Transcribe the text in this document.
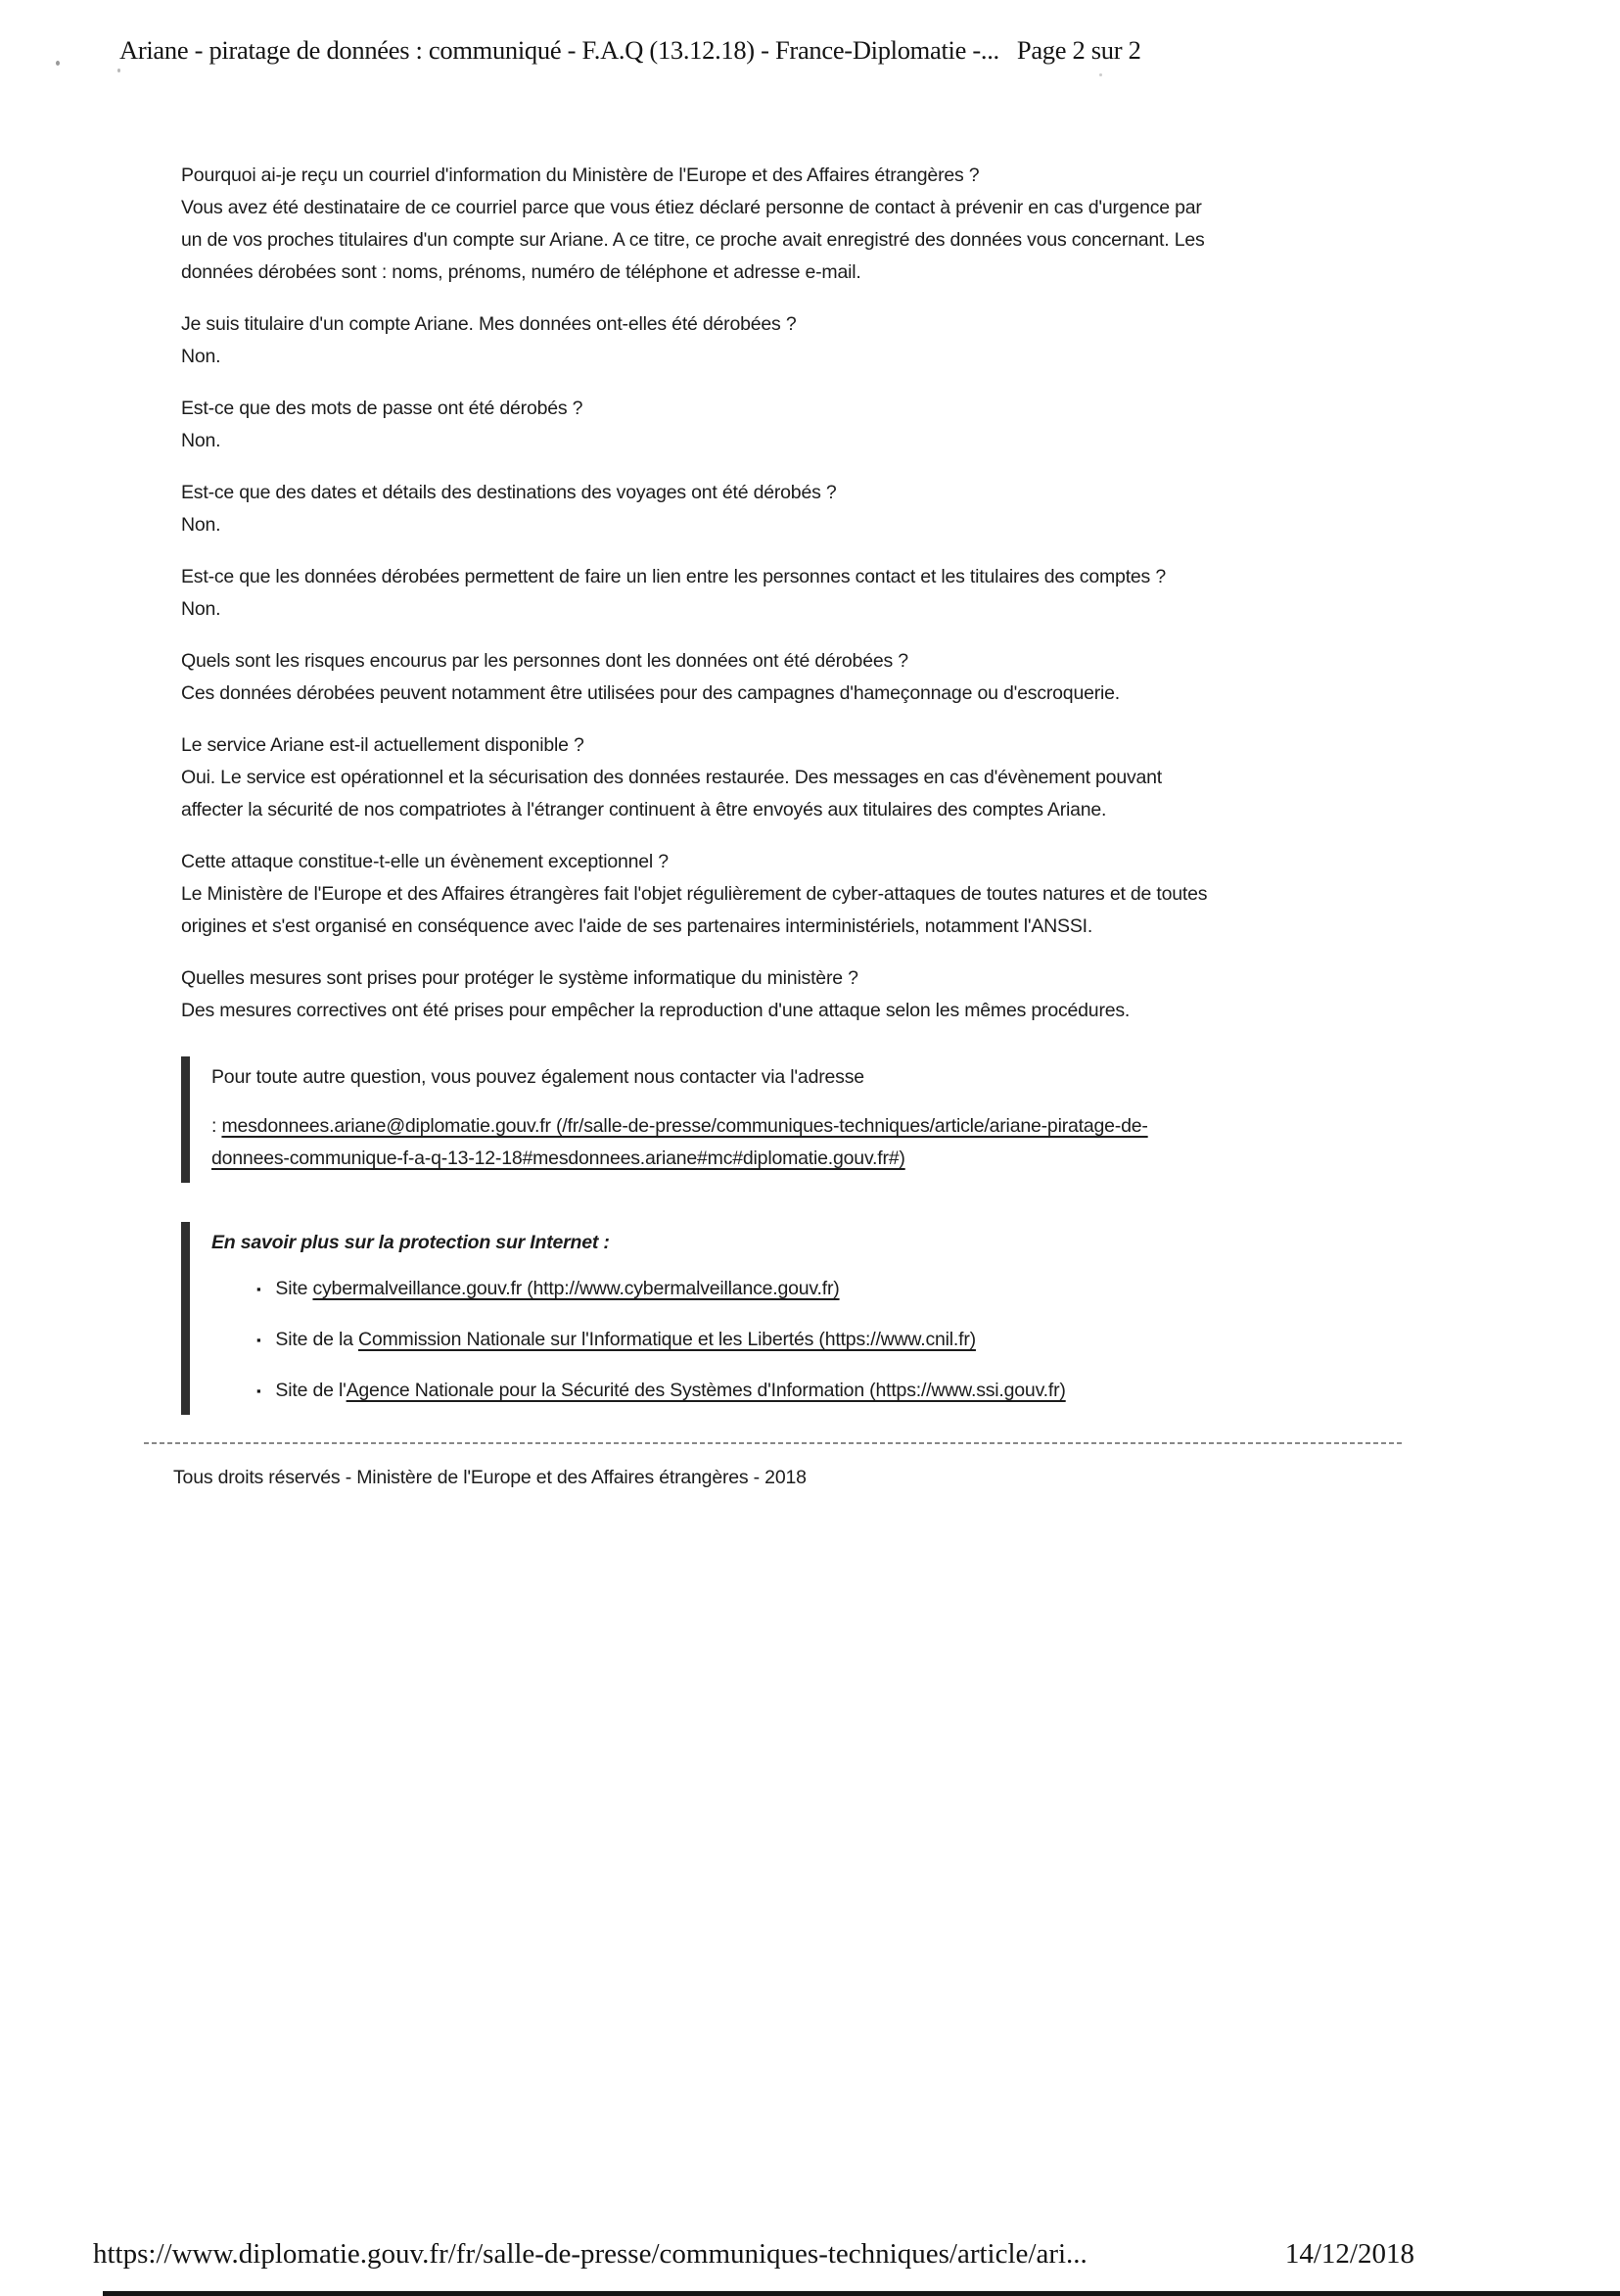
Ariane - piratage de données : communiqué - F.A.Q (13.12.18) - France-Diplomatie -... Page 2 sur 2

Pourquoi ai-je reçu un courriel d'information du Ministère de l'Europe et des Affaires étrangères ?

Vous avez été destinataire de ce courriel parce que vous étiez déclaré personne de contact à prévenir en cas d'urgence par un de vos proches titulaires d'un compte sur Ariane. A ce titre, ce proche avait enregistré des données vous concernant. Les données dérobées sont : noms, prénoms, numéro de téléphone et adresse e-mail.

Je suis titulaire d'un compte Ariane. Mes données ont-elles été dérobées ?

Non.

Est-ce que des mots de passe ont été dérobés ?

Non.

Est-ce que des dates et détails des destinations des voyages ont été dérobés ?

Non.

Est-ce que les données dérobées permettent de faire un lien entre les personnes contact et les titulaires des comptes ?

Non.

Quels sont les risques encourus par les personnes dont les données ont été dérobées ?

Ces données dérobées peuvent notamment être utilisées pour des campagnes d'hameçonnage ou d'escroquerie.

Le service Ariane est-il actuellement disponible ?

Oui. Le service est opérationnel et la sécurisation des données restaurée. Des messages en cas d'évènement pouvant affecter la sécurité de nos compatriotes à l'étranger continuent à être envoyés aux titulaires des comptes Ariane.

Cette attaque constitue-t-elle un évènement exceptionnel ?

Le Ministère de l'Europe et des Affaires étrangères fait l'objet régulièrement de cyber-attaques de toutes natures et de toutes origines et s'est organisé en conséquence avec l'aide de ses partenaires interministériels, notamment l'ANSSI.

Quelles mesures sont prises pour protéger le système informatique du ministère ?

Des mesures correctives ont été prises pour empêcher la reproduction d'une attaque selon les mêmes procédures.

Pour toute autre question, vous pouvez également nous contacter via l'adresse

: mesdonnees.ariane@diplomatie.gouv.fr (/fr/salle-de-presse/communiques-techniques/article/ariane-piratage-de-donnees-communique-f-a-q-13-12-18#mesdonnees.ariane#mc#diplomatie.gouv.fr#)

En savoir plus sur la protection sur Internet :

▪ Site cybermalveillance.gouv.fr (http://www.cybermalveillance.gouv.fr)
▪ Site de la Commission Nationale sur l'Informatique et les Libertés (https://www.cnil.fr)
▪ Site de l'Agence Nationale pour la Sécurité des Systèmes d'Information (https://www.ssi.gouv.fr)

Tous droits réservés - Ministère de l'Europe et des Affaires étrangères - 2018

https://www.diplomatie.gouv.fr/fr/salle-de-presse/communiques-techniques/article/ari...	14/12/2018
